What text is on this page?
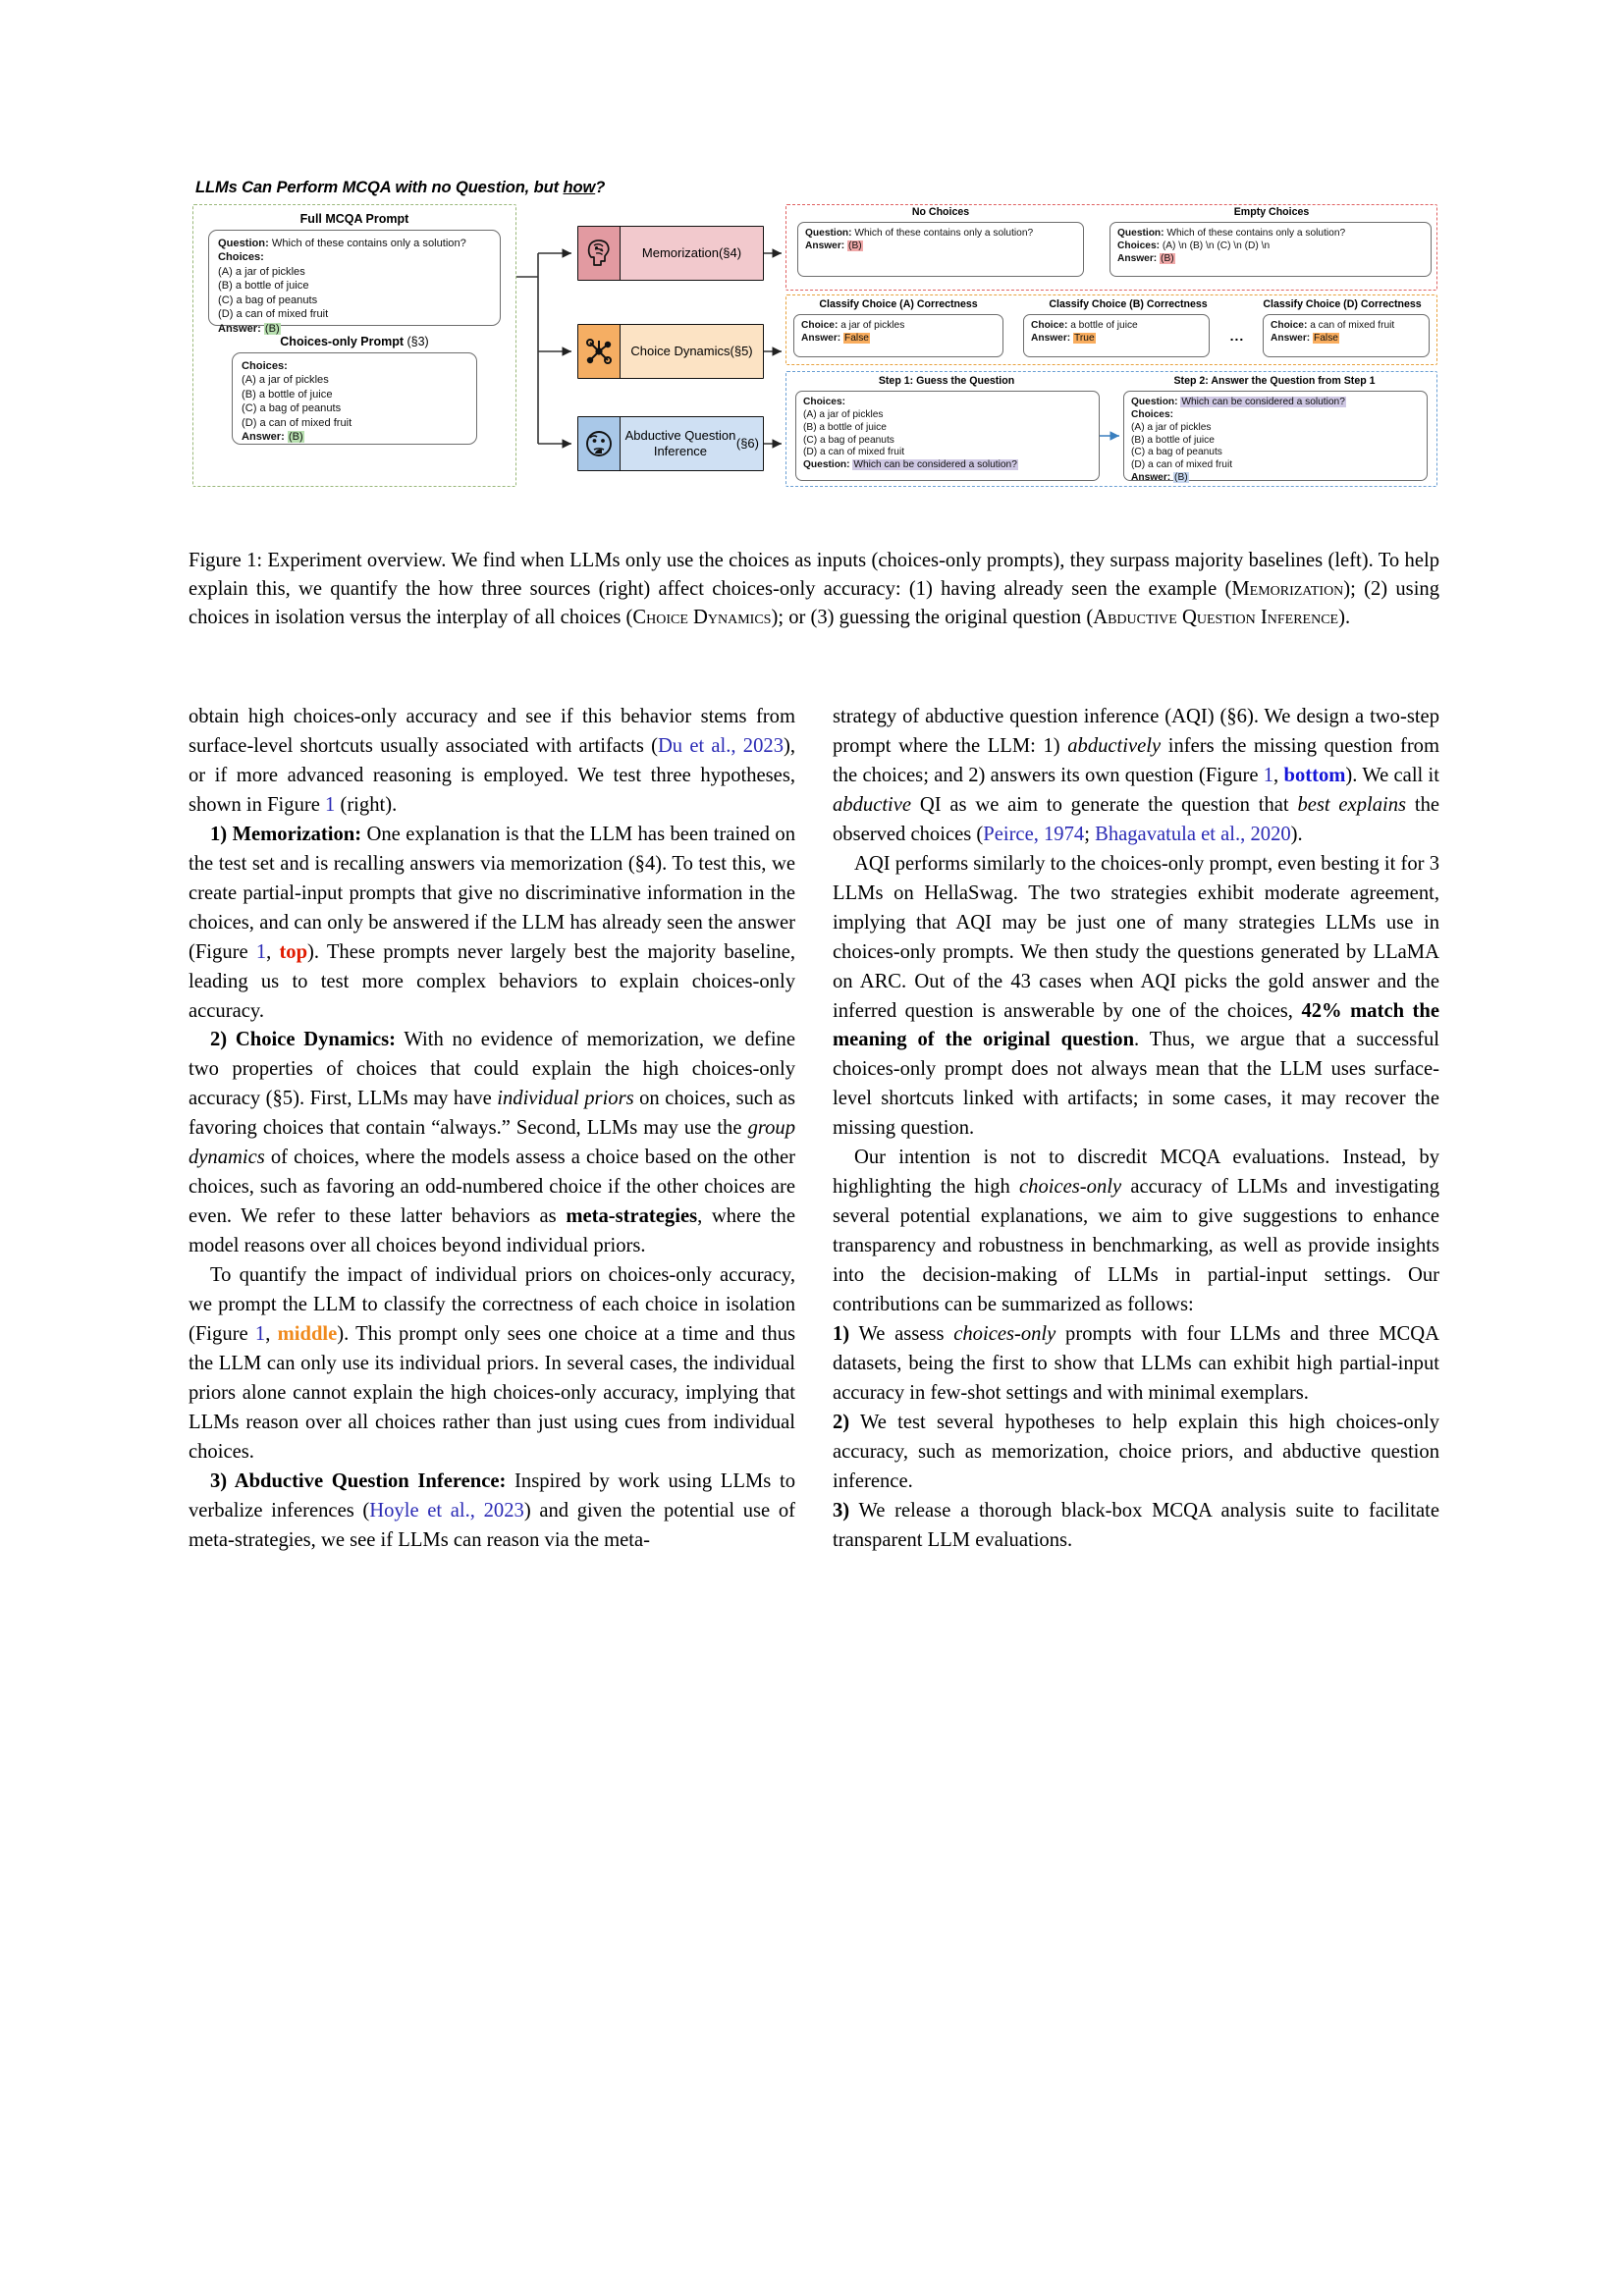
LLMs Can Perform MCQA with no Question, but how?
Full MCQA Prompt
Question: Which of these contains only a solution?
Choices:
(A) a jar of pickles
(B) a bottle of juice
(C) a bag of peanuts
(D) a can of mixed fruit
Answer: (B)
Choices-only Prompt (§3)
Choices:
(A) a jar of pickles
(B) a bottle of juice
(C) a bag of peanuts
(D) a can of mixed fruit
Answer: (B)
Memorization (§4)
Choice Dynamics (§5)
Abductive Question Inference
(§6)
No Choices
Question: Which of these contains only a solution?
Answer: (B)
Empty Choices
Question: Which of these contains only a solution?
Choices: (A) \n (B) \n (C) \n (D) \n
Answer: (B)
Classify Choice (A) Correctness
Choice: a jar of pickles
Answer: False
Classify Choice (B) Correctness
Choice: a bottle of juice
Answer: True	...
Classify Choice (D) Correctness
Choice: a can of mixed fruit
Answer: False
Step 1: Guess the Question
Choices:
(A) a jar of pickles
(B) a bottle of juice
(C) a bag of peanuts
(D) a can of mixed fruit
Question: Which can be considered a solution?
Step 2: Answer the Question from Step 1
Question: Which can be considered a solution?
Choices:
(A) a jar of pickles
(B) a bottle of juice
(C) a bag of peanuts
(D) a can of mixed fruit
Answer: (B)
Figure 1: Experiment overview. We find when LLMs only use the choices as inputs (choices-only prompts), they surpass majority baselines (left). To help explain this, we quantify the how three sources (right) affect choices-only accuracy: (1) having already seen the example (Memorization); (2) using choices in isolation versus the interplay of all choices (Choice Dynamics); or (3) guessing the original question (Abductive Question Inference).

obtain high choices-only accuracy and see if this behavior stems from surface-level shortcuts usually associated with artifacts (Du et al., 2023), or if more advanced reasoning is employed. We test three hypotheses, shown in Figure 1 (right).

1) Memorization: One explanation is that the LLM has been trained on the test set and is recalling answers via memorization (§4). To test this, we create partial-input prompts that give no discriminative information in the choices, and can only be answered if the LLM has already seen the answer (Figure 1, top). These prompts never largely best the majority baseline, leading us to test more complex behaviors to explain choices-only accuracy.

2) Choice Dynamics: With no evidence of memorization, we define two properties of choices that could explain the high choices-only accuracy (§5). First, LLMs may have individual priors on choices, such as favoring choices that contain “always.” Second, LLMs may use the group dynamics of choices, where the models assess a choice based on the other choices, such as favoring an odd-numbered choice if the other choices are even. We refer to these latter behaviors as meta-strategies, where the model reasons over all choices beyond individual priors.

To quantify the impact of individual priors on choices-only accuracy, we prompt the LLM to classify the correctness of each choice in isolation (Figure 1, middle). This prompt only sees one choice at a time and thus the LLM can only use its individual priors. In several cases, the individual priors alone cannot explain the high choices-only accuracy, implying that LLMs reason over all choices rather than just using cues from individual choices.

3) Abductive Question Inference: Inspired by work using LLMs to verbalize inferences (Hoyle et al., 2023) and given the potential use of meta-strategies, we see if LLMs can reason via the meta-

strategy of abductive question inference (AQI) (§6). We design a two-step prompt where the LLM: 1) abductively infers the missing question from the choices; and 2) answers its own question (Figure 1, bottom). We call it abductive QI as we aim to generate the question that best explains the observed choices (Peirce, 1974; Bhagavatula et al., 2020).

AQI performs similarly to the choices-only prompt, even besting it for 3 LLMs on HellaSwag. The two strategies exhibit moderate agreement, implying that AQI may be just one of many strategies LLMs use in choices-only prompts. We then study the questions generated by LLaMA on ARC. Out of the 43 cases when AQI picks the gold answer and the inferred question is answerable by one of the choices, 42% match the meaning of the original question. Thus, we argue that a successful choices-only prompt does not always mean that the LLM uses surface-level shortcuts linked with artifacts; in some cases, it may recover the missing question.

Our intention is not to discredit MCQA evaluations. Instead, by highlighting the high choices-only accuracy of LLMs and investigating several potential explanations, we aim to give suggestions to enhance transparency and robustness in benchmarking, as well as provide insights into the decision-making of LLMs in partial-input settings. Our contributions can be summarized as follows:

1) We assess choices-only prompts with four LLMs and three MCQA datasets, being the first to show that LLMs can exhibit high partial-input accuracy in few-shot settings and with minimal exemplars.

2) We test several hypotheses to help explain this high choices-only accuracy, such as memorization, choice priors, and abductive question inference.

3) We release a thorough black-box MCQA analysis suite to facilitate transparent LLM evaluations.
